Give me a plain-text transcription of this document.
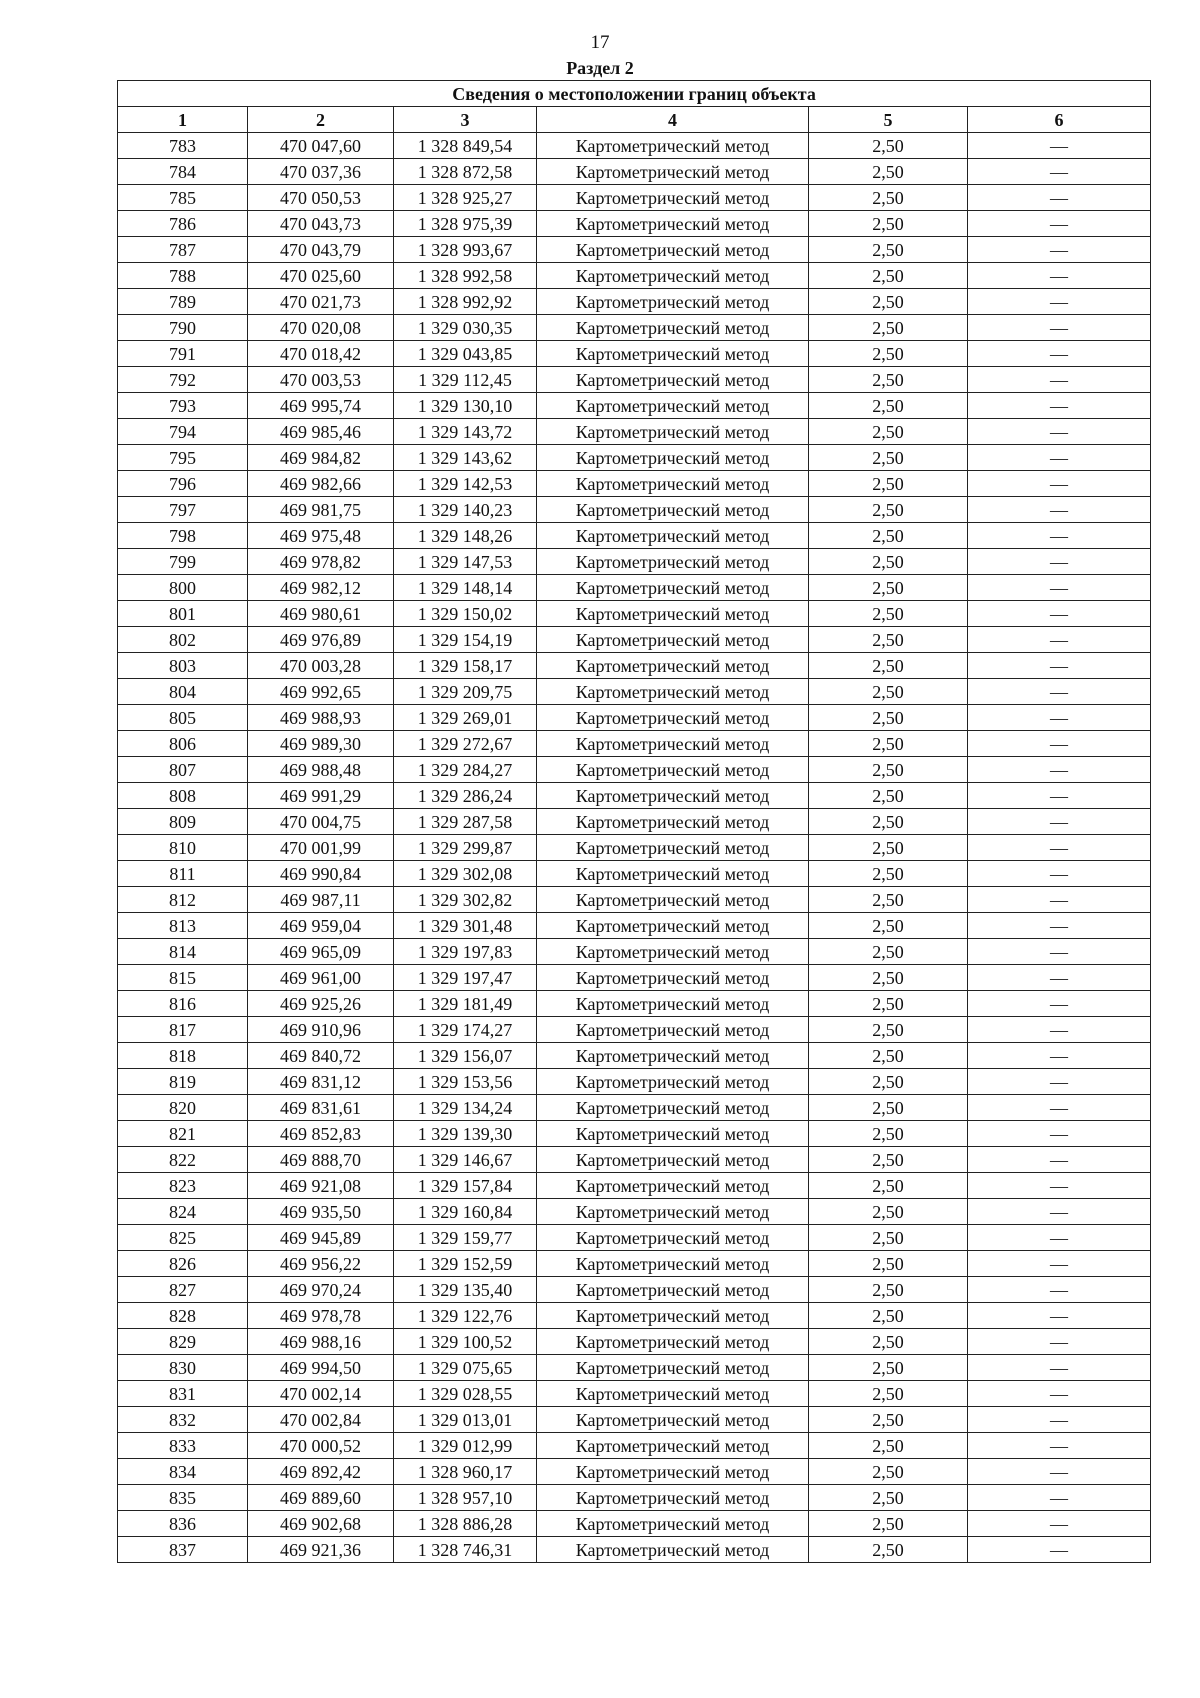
17
Раздел 2
Сведения о местоположении границ объекта					
1	2	3	4	5	6
783	470 047,60	1 328 849,54	Картометрический метод	2,50	—
784	470 037,36	1 328 872,58	Картометрический метод	2,50	—
785	470 050,53	1 328 925,27	Картометрический метод	2,50	—
786	470 043,73	1 328 975,39	Картометрический метод	2,50	—
787	470 043,79	1 328 993,67	Картометрический метод	2,50	—
788	470 025,60	1 328 992,58	Картометрический метод	2,50	—
789	470 021,73	1 328 992,92	Картометрический метод	2,50	—
790	470 020,08	1 329 030,35	Картометрический метод	2,50	—
791	470 018,42	1 329 043,85	Картометрический метод	2,50	—
792	470 003,53	1 329 112,45	Картометрический метод	2,50	—
793	469 995,74	1 329 130,10	Картометрический метод	2,50	—
794	469 985,46	1 329 143,72	Картометрический метод	2,50	—
795	469 984,82	1 329 143,62	Картометрический метод	2,50	—
796	469 982,66	1 329 142,53	Картометрический метод	2,50	—
797	469 981,75	1 329 140,23	Картометрический метод	2,50	—
798	469 975,48	1 329 148,26	Картометрический метод	2,50	—
799	469 978,82	1 329 147,53	Картометрический метод	2,50	—
800	469 982,12	1 329 148,14	Картометрический метод	2,50	—
801	469 980,61	1 329 150,02	Картометрический метод	2,50	—
802	469 976,89	1 329 154,19	Картометрический метод	2,50	—
803	470 003,28	1 329 158,17	Картометрический метод	2,50	—
804	469 992,65	1 329 209,75	Картометрический метод	2,50	—
805	469 988,93	1 329 269,01	Картометрический метод	2,50	—
806	469 989,30	1 329 272,67	Картометрический метод	2,50	—
807	469 988,48	1 329 284,27	Картометрический метод	2,50	—
808	469 991,29	1 329 286,24	Картометрический метод	2,50	—
809	470 004,75	1 329 287,58	Картометрический метод	2,50	—
810	470 001,99	1 329 299,87	Картометрический метод	2,50	—
811	469 990,84	1 329 302,08	Картометрический метод	2,50	—
812	469 987,11	1 329 302,82	Картометрический метод	2,50	—
813	469 959,04	1 329 301,48	Картометрический метод	2,50	—
814	469 965,09	1 329 197,83	Картометрический метод	2,50	—
815	469 961,00	1 329 197,47	Картометрический метод	2,50	—
816	469 925,26	1 329 181,49	Картометрический метод	2,50	—
817	469 910,96	1 329 174,27	Картометрический метод	2,50	—
818	469 840,72	1 329 156,07	Картометрический метод	2,50	—
819	469 831,12	1 329 153,56	Картометрический метод	2,50	—
820	469 831,61	1 329 134,24	Картометрический метод	2,50	—
821	469 852,83	1 329 139,30	Картометрический метод	2,50	—
822	469 888,70	1 329 146,67	Картометрический метод	2,50	—
823	469 921,08	1 329 157,84	Картометрический метод	2,50	—
824	469 935,50	1 329 160,84	Картометрический метод	2,50	—
825	469 945,89	1 329 159,77	Картометрический метод	2,50	—
826	469 956,22	1 329 152,59	Картометрический метод	2,50	—
827	469 970,24	1 329 135,40	Картометрический метод	2,50	—
828	469 978,78	1 329 122,76	Картометрический метод	2,50	—
829	469 988,16	1 329 100,52	Картометрический метод	2,50	—
830	469 994,50	1 329 075,65	Картометрический метод	2,50	—
831	470 002,14	1 329 028,55	Картометрический метод	2,50	—
832	470 002,84	1 329 013,01	Картометрический метод	2,50	—
833	470 000,52	1 329 012,99	Картометрический метод	2,50	—
834	469 892,42	1 328 960,17	Картометрический метод	2,50	—
835	469 889,60	1 328 957,10	Картометрический метод	2,50	—
836	469 902,68	1 328 886,28	Картометрический метод	2,50	—
837	469 921,36	1 328 746,31	Картометрический метод	2,50	—
